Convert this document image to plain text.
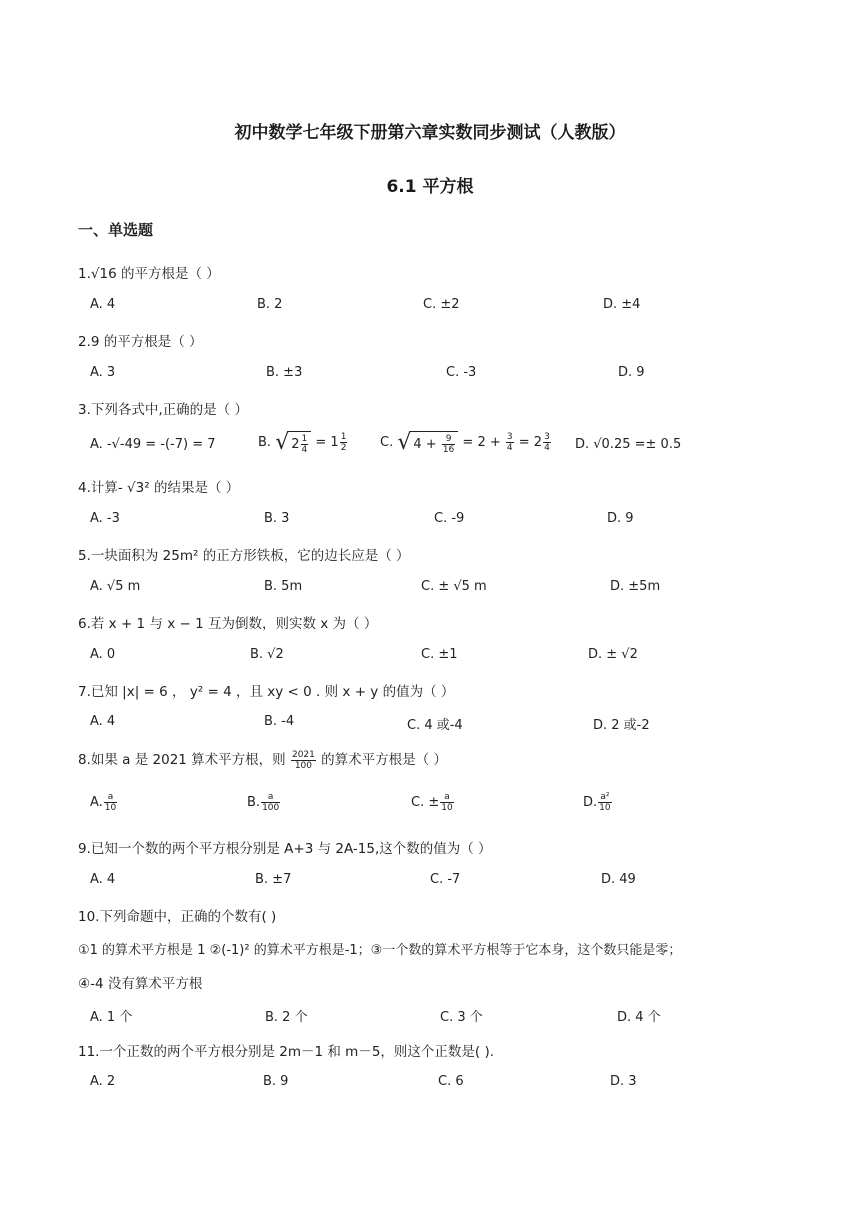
初中数学七年级下册第六章实数同步测试（人教版）
6.1 平方根
一、单选题
1.√16 的平方根是（ ）
A. 4	B. 2	C. ±2	D. ±4
2.9 的平方根是（ ）
A. 3	B. ±3	C. -3	D. 9
3.下列各式中,正确的是（ ）
A. -√-49 = -(-7) = 7	B. √ $2 \frac{1}{4} = 1 \frac{1}{2}$	C. √ $4 + \frac{9}{16} = 2 + \frac{3}{4} = 2 \frac{3}{4} D$. √0.25 =± 0.5
4.计算- √3² 的结果是（ ）
A. -3	B. 3	C. -9	D. 9
5.一块面积为 25m² 的正方形铁板，它的边长应是（ ）
A. √5 m	B. 5m	C. ± √5 m	D. ±5m
6.若 x + 1 与 x − 1 互为倒数，则实数 x 为（ ）
A. 0	B. √2	C. ±1	D. ± √2
7.已知 |x| = 6 ， y² = 4 ，且 xy < 0 . 则 x + y 的值为（ ）
A. 4	B. -4	C. 4 或-4	D. 2 或-2
8.如果 a 是 2021 算术平方根，则 $\frac{2021}{100}$ 的算术平方根是（ ）
A. $\frac{a}{10}$	B. $\frac{a}{100}$	C. ± $\frac{a}{10}$	D. $\frac{\text{a²}}{10}$
9.已知一个数的两个平方根分别是 A+3 与 2A-15,这个数的值为（ ）
A. 4	B. ±7	C. -7	D. 49
10.下列命题中，正确的个数有( )
①1 的算术平方根是 1 ②(-1)² 的算术平方根是-1；③一个数的算术平方根等于它本身，这个数只能是零；
④-4 没有算术平方根
A. 1 个	B. 2 个	C. 3 个	D. 4 个
11.一个正数的两个平方根分别是 2m－1 和 m－5，则这个正数是( ).
A. 2	B. 9	C. 6	D. 3
